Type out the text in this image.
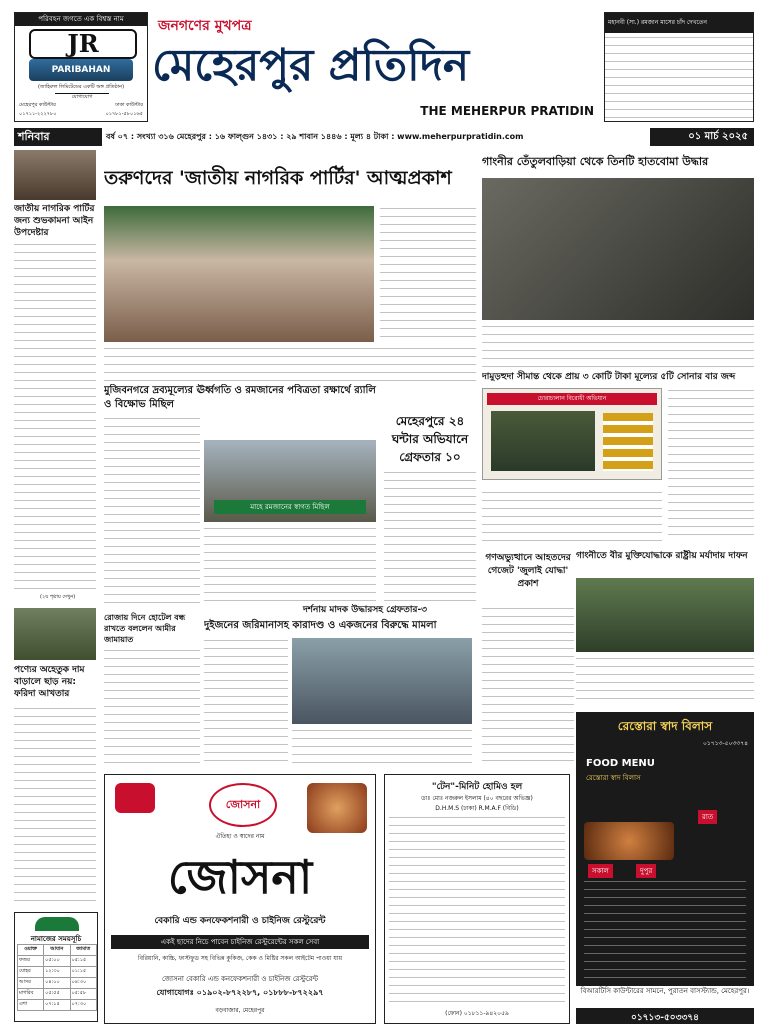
পরিবহন জগতে এক বিশ্বস্ত নাম
JR
PARIBAHAN
(জাহিরুল লিমিটেডের একটি অঙ্গ প্রতিষ্ঠান)
যোগাযোগ
মেহেরপুর কাউন্টার	ঢাকা কাউন্টার
০১৭১১-২২২৭৮০	০১৭৮১-৫৮০১৬৫
জনগণের মুখপত্র
মেহেরপুর প্রতিদিন
THE MEHERPUR PRATIDIN
মহানবী (সা.) রমজান মাসের চাঁদ দেখতেন
শনিবার	বর্ষ ০৭ : সংখ্যা ৩১৬ মেহেরপুর : ১৬ ফাল্গুন ১৪৩১ : ২৯ শাবান ১৪৪৬ : মূল্য ৪ টাকা : www.meherpurpratidin.com	০১ মার্চ ২০২৫
জাতীয় নাগরিক পার্টির জন্য শুভকামনা আইন উপদেষ্টার
(২য় পৃষ্ঠায় দেখুন)
পণ্যের অহেতুক দাম বাড়ালে ছাড় নয়: ফরিদা আখতার
নামাজের সময়সূচি
ওয়াক্ত	আযান	জামাত
ফজর	০৫:০০	০৫:১৫
যোহর	১২:৩০	০১:১৫
আসর	০৪:০০	০৪:৩০
মাগরিব	০৫:৫৫	০৫:৫৮
এশা	০৭:১৫	০৭:৩০
তরুণদের 'জাতীয় নাগরিক পার্টির' আত্মপ্রকাশ
মুজিবনগরে দ্রব্যমূল্যের ঊর্ধ্বগতি ও রমজানের পবিত্রতা রক্ষার্থে র‍্যালি ও বিক্ষোভ মিছিল
মাহে রমজানের স্বাগত মিছিল
মেহেরপুরে ২৪ ঘন্টার অভিযানে গ্রেফতার ১০
রোজায় দিনে হোটেল বন্ধ রাখতে বললেন আমীর জামায়াত
দর্শনায় মাদক উদ্ধারসহ গ্রেফতার-৩
দুইজনের জরিমানাসহ কারাদণ্ড ও একজনের বিরুদ্ধে মামলা
গাংনীর তেঁতুলবাড়িয়া থেকে তিনটি হাতবোমা উদ্ধার
দামুড়হুদা সীমান্ত থেকে প্রায় ৩ কোটি টাকা মূল্যের ৫টি সোনার বার জব্দ
চোরাচালান বিরোধী অভিযান
গণঅভ্যুত্থানে আহতদের গেজেট 'জুলাই যোদ্ধা' প্রকাশ
গাংনীতে বীর মুক্তিযোদ্ধাকে রাষ্ট্রীয় মর্যাদায় দাফন
জোসনা
ঐতিহ্য ও স্বাদের নাম
জোসনা
বেকারি এন্ড কনফেকশনারী ও চাইনিজ রেস্টুরেন্ট
একই ছাদের নিচে পাবেন চাইনিজ রেস্টুরেন্টের সকল সেবা
বিরিয়ানি, কাচ্চি, ফাস্টফুড সহ বিভিন্ন কুকিজ, কেক ও মিষ্টির সকল আইটেম পাওয়া যায়
জোসনা বেকারি এন্ড কনফেকশনারী ও চাইনিজ রেস্টুরেন্ট
যোগাযোগঃ ০১৯০২-৮৭২২৮৭, ০১৮৮৮-৮৭২২৯৭
বড়বাজার, মেহেরপুর
"টেন"-মিনিট হোমিও হল
ডাঃ মোঃ নজরুল ইসলাম (৪০ বছরের অভিজ্ঞ)
D.H.M.S (ঢাকা) R.M.A.F (বিডি)
(ফোন) ০১৮১১-৯৪২০৫৯
রেস্তোরা স্বাদ বিলাস
০১৭১৩-৫০৩৩৭৪
FOOD MENU
রেস্তোরা স্বাদ বিলাস
সকাল	দুপুর
রাত
বিআরটিসি কাউন্টারের সামনে, পুরাতন বাসস্ট্যান্ড, মেহেরপুর।
০১৭১৩-৫০৩৩৭৪
